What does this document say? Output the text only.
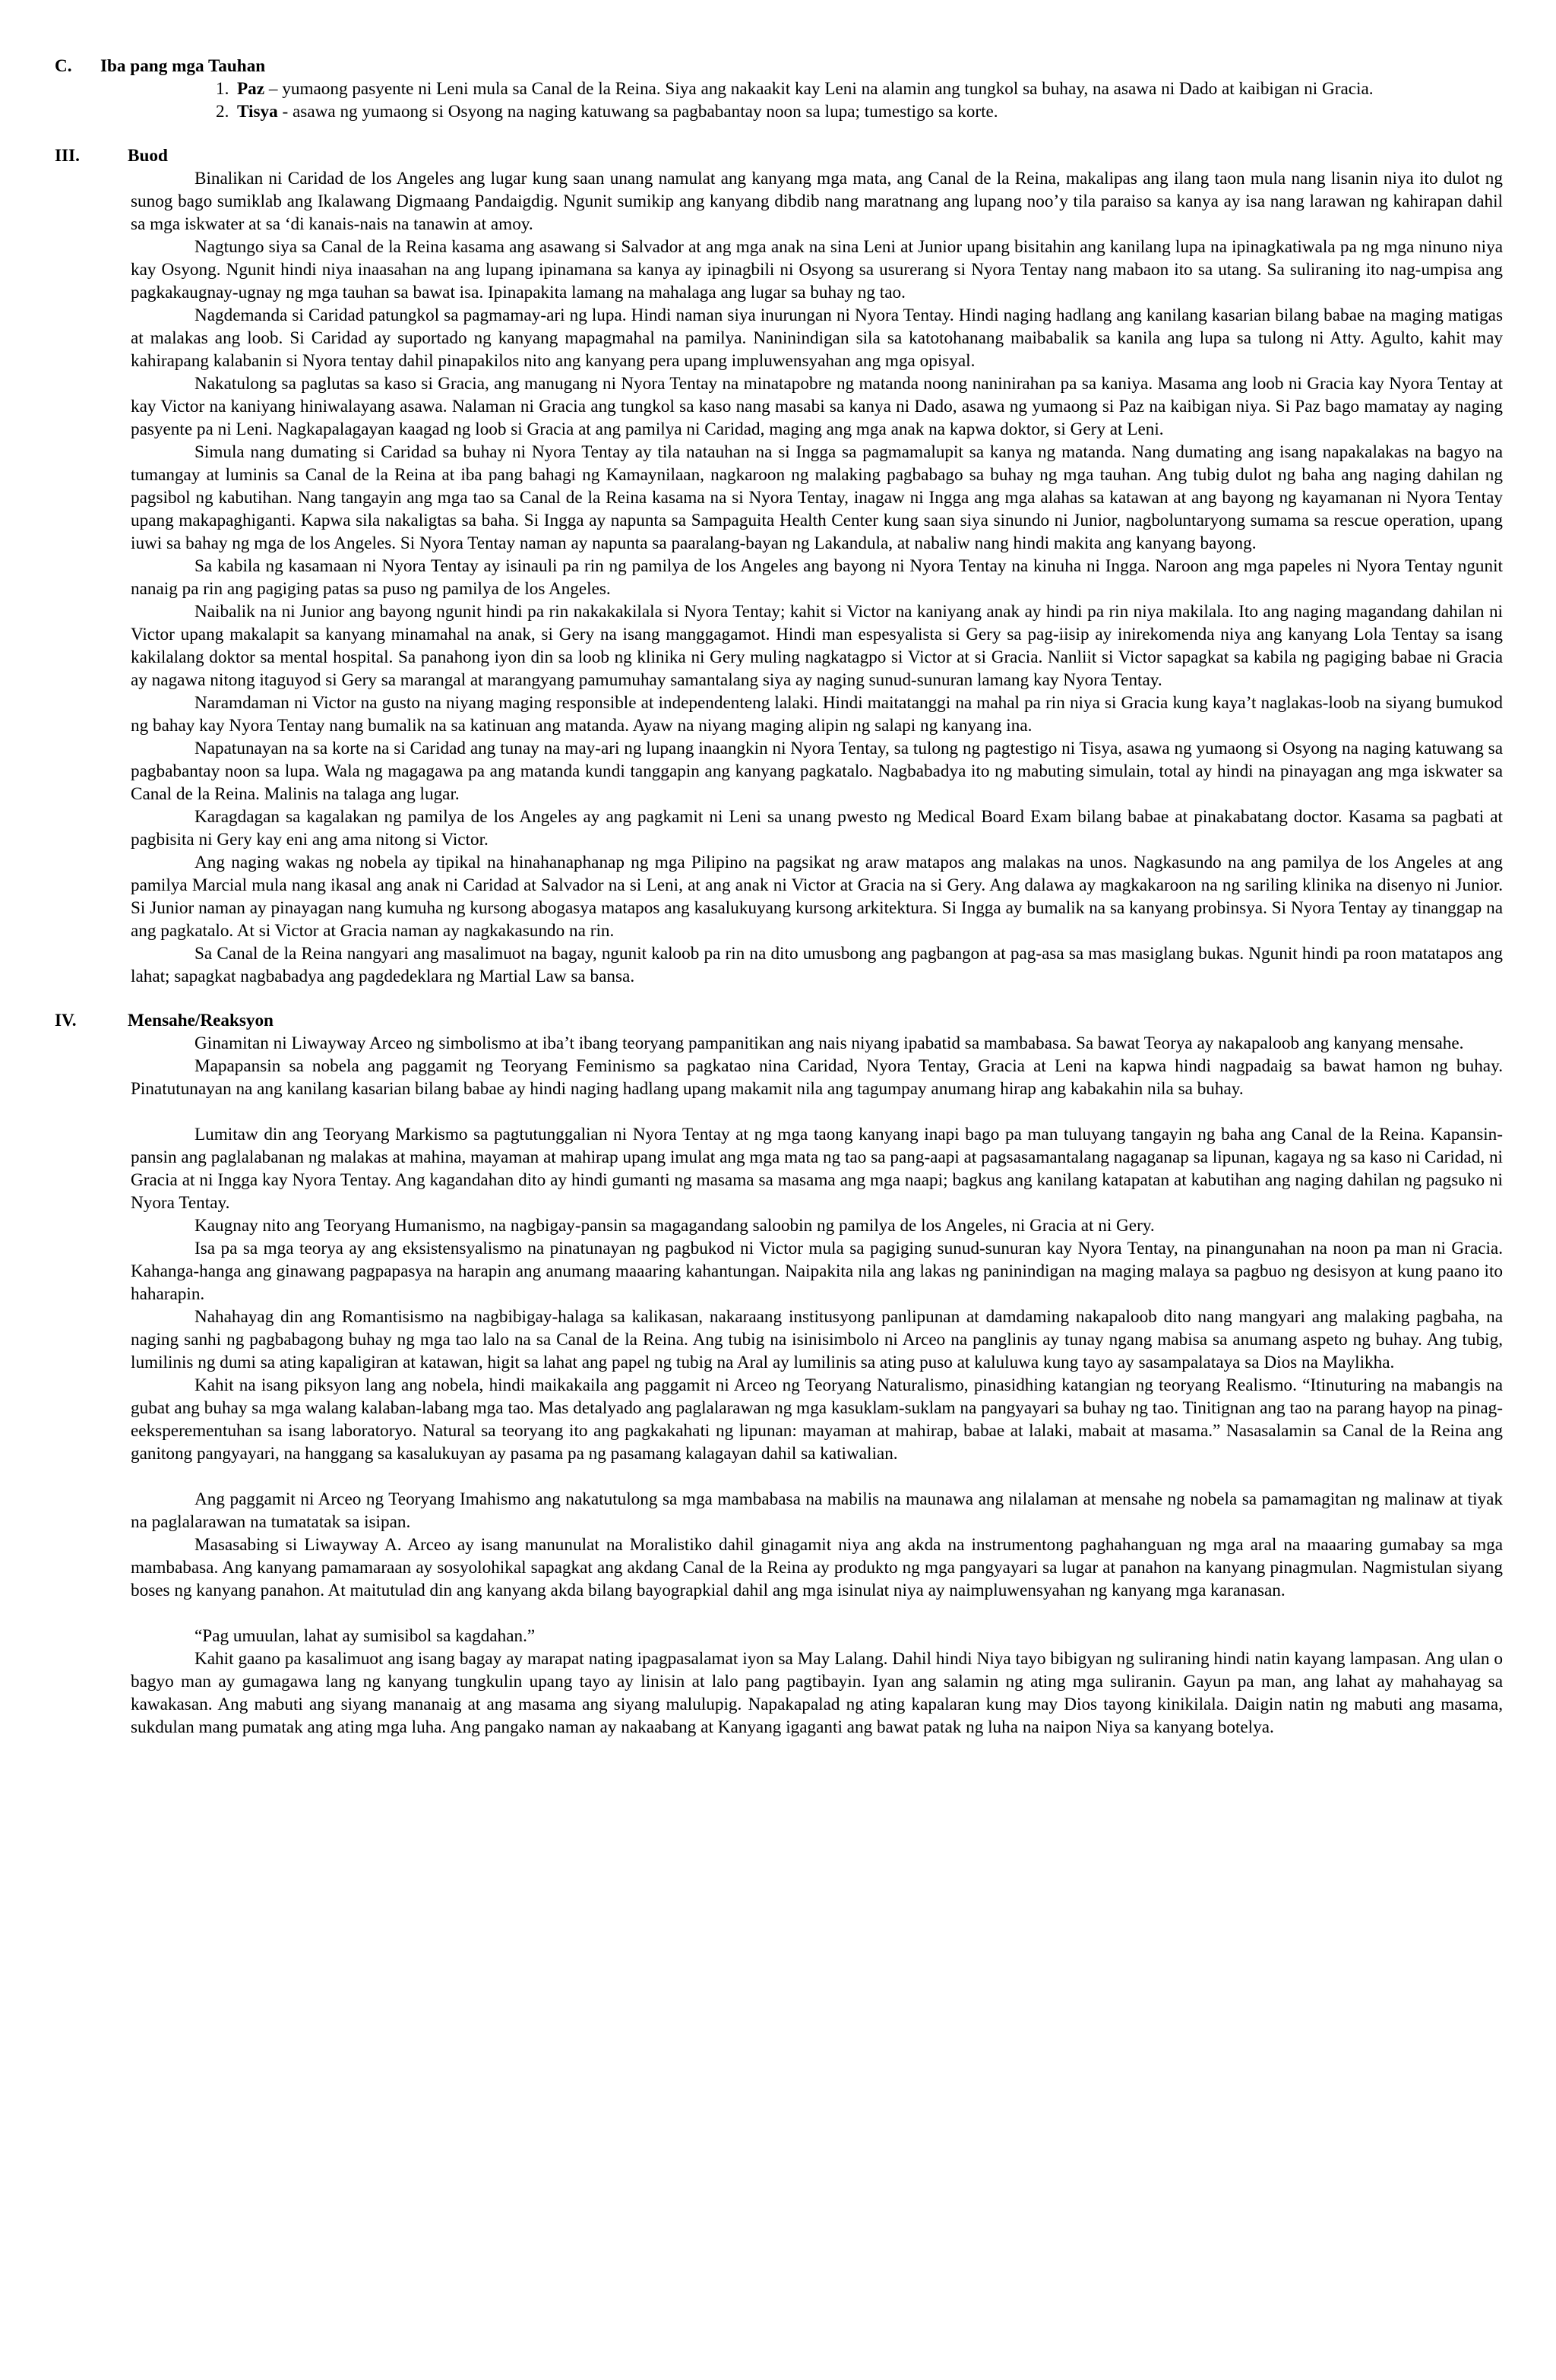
C.	Iba pang mga Tauhan
1. Paz – yumaong pasyente ni Leni mula sa Canal de la Reina. Siya ang nakaakit kay Leni na alamin ang tungkol sa buhay, na asawa ni Dado at kaibigan ni Gracia.
2. Tisya - asawa ng yumaong si Osyong na naging katuwang sa pagbabantay noon sa lupa; tumestigo sa korte.
III.	Buod

Binalikan ni Caridad de los Angeles ang lugar kung saan unang namulat ang kanyang mga mata, ang Canal de la Reina, makalipas ang ilang taon mula nang lisanin niya ito dulot ng sunog bago sumiklab ang Ikalawang Digmaang Pandaigdig. Ngunit sumikip ang kanyang dibdib nang maratnang ang lupang noo’y tila paraiso sa kanya ay isa nang larawan ng kahirapan dahil sa mga iskwater at sa ‘di kanais-nais na tanawin at amoy.

Nagtungo siya sa Canal de la Reina kasama ang asawang si Salvador at ang mga anak na sina Leni at Junior upang bisitahin ang kanilang lupa na ipinagkatiwala pa ng mga ninuno niya kay Osyong. Ngunit hindi niya inaasahan na ang lupang ipinamana sa kanya ay ipinagbili ni Osyong sa usurerang si Nyora Tentay nang mabaon ito sa utang. Sa suliraning ito nag-umpisa ang pagkakaugnay-ugnay ng mga tauhan sa bawat isa. Ipinapakita lamang na mahalaga ang lugar sa buhay ng tao.

Nagdemanda si Caridad patungkol sa pagmamay-ari ng lupa. Hindi naman siya inurungan ni Nyora Tentay. Hindi naging hadlang ang kanilang kasarian bilang babae na maging matigas at malakas ang loob. Si Caridad ay suportado ng kanyang mapagmahal na pamilya. Naninindigan sila sa katotohanang maibabalik sa kanila ang lupa sa tulong ni Atty. Agulto, kahit may kahirapang kalabanin si Nyora tentay dahil pinapakilos nito ang kanyang pera upang impluwensyahan ang mga opisyal.

Nakatulong sa paglutas sa kaso si Gracia, ang manugang ni Nyora Tentay na minatapobre ng matanda noong naninirahan pa sa kaniya. Masama ang loob ni Gracia kay Nyora Tentay at kay Victor na kaniyang hiniwalayang asawa. Nalaman ni Gracia ang tungkol sa kaso nang masabi sa kanya ni Dado, asawa ng yumaong si Paz na kaibigan niya. Si Paz bago mamatay ay naging pasyente pa ni Leni. Nagkapalagayan kaagad ng loob si Gracia at ang pamilya ni Caridad, maging ang mga anak na kapwa doktor, si Gery at Leni.

Simula nang dumating si Caridad sa buhay ni Nyora Tentay ay tila natauhan na si Ingga sa pagmamalupit sa kanya ng matanda. Nang dumating ang isang napakalakas na bagyo na tumangay at luminis sa Canal de la Reina at iba pang bahagi ng Kamaynilaan, nagkaroon ng malaking pagbabago sa buhay ng mga tauhan. Ang tubig dulot ng baha ang naging dahilan ng pagsibol ng kabutihan. Nang tangayin ang mga tao sa Canal de la Reina kasama na si Nyora Tentay, inagaw ni Ingga ang mga alahas sa katawan at ang bayong ng kayamanan ni Nyora Tentay upang makapaghiganti. Kapwa sila nakaligtas sa baha. Si Ingga ay napunta sa Sampaguita Health Center kung saan siya sinundo ni Junior, nagboluntaryong sumama sa rescue operation, upang iuwi sa bahay ng mga de los Angeles. Si Nyora Tentay naman ay napunta sa paaralang-bayan ng Lakandula, at nabaliw nang hindi makita ang kanyang bayong.

Sa kabila ng kasamaan ni Nyora Tentay ay isinauli pa rin ng pamilya de los Angeles ang bayong ni Nyora Tentay na kinuha ni Ingga. Naroon ang mga papeles ni Nyora Tentay ngunit nanaig pa rin ang pagiging patas sa puso ng pamilya de los Angeles.

Naibalik na ni Junior ang bayong ngunit hindi pa rin nakakakilala si Nyora Tentay; kahit si Victor na kaniyang anak ay hindi pa rin niya makilala. Ito ang naging magandang dahilan ni Victor upang makalapit sa kanyang minamahal na anak, si Gery na isang manggagamot. Hindi man espesyalista si Gery sa pag-iisip ay inirekomenda niya ang kanyang Lola Tentay sa isang kakilalang doktor sa mental hospital. Sa panahong iyon din sa loob ng klinika ni Gery muling nagkatagpo si Victor at si Gracia. Nanliit si Victor sapagkat sa kabila ng pagiging babae ni Gracia ay nagawa nitong itaguyod si Gery sa marangal at marangyang pamumuhay samantalang siya ay naging sunud-sunuran lamang kay Nyora Tentay.

Naramdaman ni Victor na gusto na niyang maging responsible at independenteng lalaki. Hindi maitatanggi na mahal pa rin niya si Gracia kung kaya’t naglakas-loob na siyang bumukod ng bahay kay Nyora Tentay nang bumalik na sa katinuan ang matanda. Ayaw na niyang maging alipin ng salapi ng kanyang ina.

Napatunayan na sa korte na si Caridad ang tunay na may-ari ng lupang inaangkin ni Nyora Tentay, sa tulong ng pagtestigo ni Tisya, asawa ng yumaong si Osyong na naging katuwang sa pagbabantay noon sa lupa. Wala ng magagawa pa ang matanda kundi tanggapin ang kanyang pagkatalo. Nagbabadya ito ng mabuting simulain, total ay hindi na pinayagan ang mga iskwater sa Canal de la Reina. Malinis na talaga ang lugar.

Karagdagan sa kagalakan ng pamilya de los Angeles ay ang pagkamit ni Leni sa unang pwesto ng Medical Board Exam bilang babae at pinakabatang doctor. Kasama sa pagbati at pagbisita ni Gery kay eni ang ama nitong si Victor.

Ang naging wakas ng nobela ay tipikal na hinahanaphanap ng mga Pilipino na pagsikat ng araw matapos ang malakas na unos. Nagkasundo na ang pamilya de los Angeles at ang pamilya Marcial mula nang ikasal ang anak ni Caridad at Salvador na si Leni, at ang anak ni Victor at Gracia na si Gery. Ang dalawa ay magkakaroon na ng sariling klinika na disenyo ni Junior. Si Junior naman ay pinayagan nang kumuha ng kursong abogasya matapos ang kasalukuyang kursong arkitektura. Si Ingga ay bumalik na sa kanyang probinsya. Si Nyora Tentay ay tinanggap na ang pagkatalo. At si Victor at Gracia naman ay nagkakasundo na rin.

Sa Canal de la Reina nangyari ang masalimuot na bagay, ngunit kaloob pa rin na dito umusbong ang pagbangon at pag-asa sa mas masiglang bukas. Ngunit hindi pa roon matatapos ang lahat; sapagkat nagbabadya ang pagdedeklara ng Martial Law sa bansa.

IV.	Mensahe/Reaksyon

Ginamitan ni Liwayway Arceo ng simbolismo at iba’t ibang teoryang pampanitikan ang nais niyang ipabatid sa mambabasa. Sa bawat Teorya ay nakapaloob ang kanyang mensahe.

Mapapansin sa nobela ang paggamit ng Teoryang Feminismo sa pagkatao nina Caridad, Nyora Tentay, Gracia at Leni na kapwa hindi nagpadaig sa bawat hamon ng buhay. Pinatutunayan na ang kanilang kasarian bilang babae ay hindi naging hadlang upang makamit nila ang tagumpay anumang hirap ang kabakahin nila sa buhay.

Lumitaw din ang Teoryang Markismo sa pagtutunggalian ni Nyora Tentay at ng mga taong kanyang inapi bago pa man tuluyang tangayin ng baha ang Canal de la Reina. Kapansin-pansin ang paglalabanan ng malakas at mahina, mayaman at mahirap upang imulat ang mga mata ng tao sa pang-aapi at pagsasamantalang nagaganap sa lipunan, kagaya ng sa kaso ni Caridad, ni Gracia at ni Ingga kay Nyora Tentay. Ang kagandahan dito ay hindi gumanti ng masama sa masama ang mga naapi; bagkus ang kanilang katapatan at kabutihan ang naging dahilan ng pagsuko ni Nyora Tentay.

Kaugnay nito ang Teoryang Humanismo, na nagbigay-pansin sa magagandang saloobin ng pamilya de los Angeles, ni Gracia at ni Gery.

Isa pa sa mga teorya ay ang eksistensyalismo na pinatunayan ng pagbukod ni Victor mula sa pagiging sunud-sunuran kay Nyora Tentay, na pinangunahan na noon pa man ni Gracia. Kahanga-hanga ang ginawang pagpapasya na harapin ang anumang maaaring kahantungan. Naipakita nila ang lakas ng paninindigan na maging malaya sa pagbuo ng desisyon at kung paano ito haharapin.

Nahahayag din ang Romantisismo na nagbibigay-halaga sa kalikasan, nakaraang institusyong panlipunan at damdaming nakapaloob dito nang mangyari ang malaking pagbaha, na naging sanhi ng pagbabagong buhay ng mga tao lalo na sa Canal de la Reina. Ang tubig na isinisimbolo ni Arceo na panglinis ay tunay ngang mabisa sa anumang aspeto ng buhay. Ang tubig, lumilinis ng dumi sa ating kapaligiran at katawan, higit sa lahat ang papel ng tubig na Aral ay lumilinis sa ating puso at kaluluwa kung tayo ay sasampalataya sa Dios na Maylikha.

Kahit na isang piksyon lang ang nobela, hindi maikakaila ang paggamit ni Arceo ng Teoryang Naturalismo, pinasidhing katangian ng teoryang Realismo. “Itinuturing na mabangis na gubat ang buhay sa mga walang kalaban-labang mga tao. Mas detalyado ang paglalarawan ng mga kasuklam-suklam na pangyayari sa buhay ng tao. Tinitignan ang tao na parang hayop na pinag-eeksperementuhan sa isang laboratoryo. Natural sa teoryang ito ang pagkakahati ng lipunan: mayaman at mahirap, babae at lalaki, mabait at masama.” Nasasalamin sa Canal de la Reina ang ganitong pangyayari, na hanggang sa kasalukuyan ay pasama pa ng pasamang kalagayan dahil sa katiwalian.

Ang paggamit ni Arceo ng Teoryang Imahismo ang nakatutulong sa mga mambabasa na mabilis na maunawa ang nilalaman at mensahe ng nobela sa pamamagitan ng malinaw at tiyak na paglalarawan na tumatatak sa isipan.

Masasabing si Liwayway A. Arceo ay isang manunulat na Moralistiko dahil ginagamit niya ang akda na instrumentong paghahanguan ng mga aral na maaaring gumabay sa mga mambabasa. Ang kanyang pamamaraan ay sosyolohikal sapagkat ang akdang Canal de la Reina ay produkto ng mga pangyayari sa lugar at panahon na kanyang pinagmulan. Nagmistulan siyang boses ng kanyang panahon. At maitutulad din ang kanyang akda bilang bayograpkial dahil ang mga isinulat niya ay naimpluwensyahan ng kanyang mga karanasan.

“Pag umuulan, lahat ay sumisibol sa kagdahan.”

Kahit gaano pa kasalimuot ang isang bagay ay marapat nating ipagpasalamat iyon sa May Lalang. Dahil hindi Niya tayo bibigyan ng suliraning hindi natin kayang lampasan. Ang ulan o bagyo man ay gumagawa lang ng kanyang tungkulin upang tayo ay linisin at lalo pang pagtibayin. Iyan ang salamin ng ating mga suliranin. Gayun pa man, ang lahat ay mahahayag sa kawakasan. Ang mabuti ang siyang mananaig at ang masama ang siyang malulupig. Napakapalad ng ating kapalaran kung may Dios tayong kinikilala. Daigin natin ng mabuti ang masama, sukdulan mang pumatak ang ating mga luha. Ang pangako naman ay nakaabang at Kanyang igaganti ang bawat patak ng luha na naipon Niya sa kanyang botelya.
